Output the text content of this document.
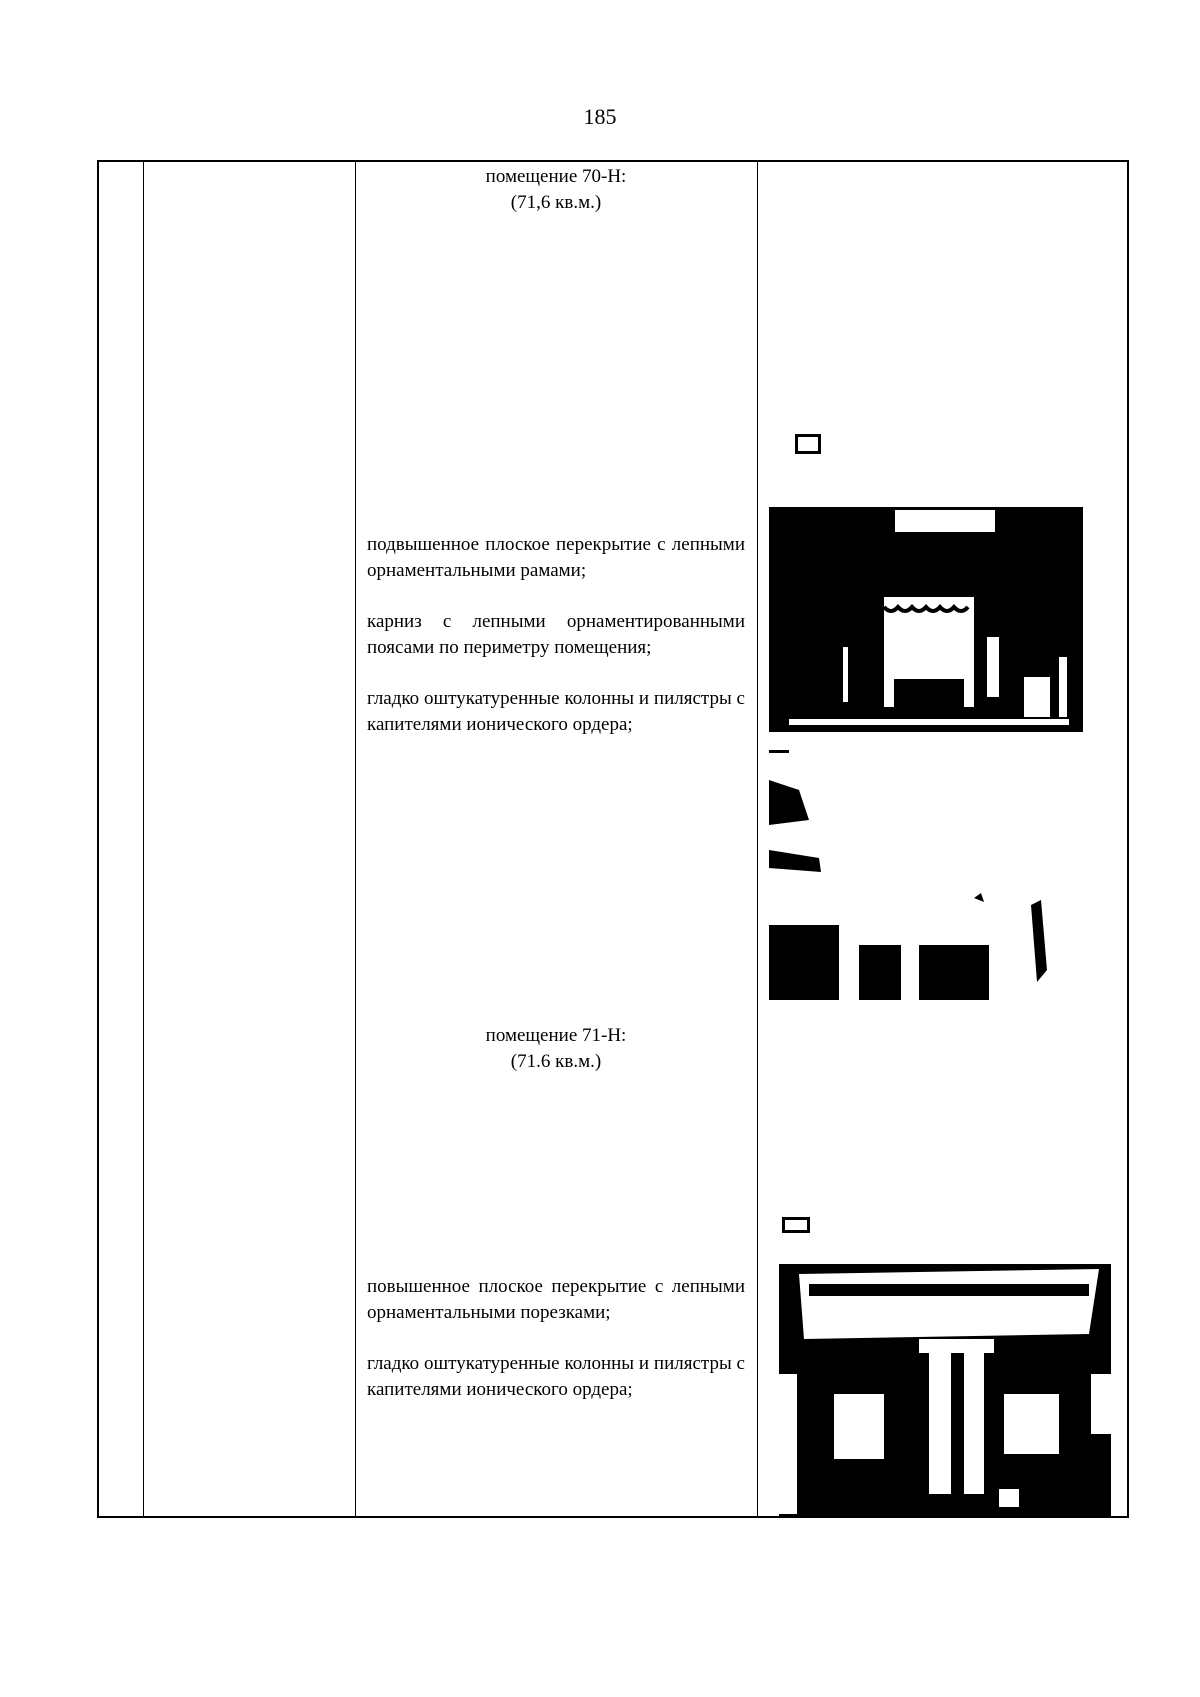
185
помещение 70-Н:
(71,6 кв.м.)

подвышенное плоское перекрытие с лепными орнаментальными рамами;

карниз с лепными орнаментированными поясами по периметру помещения;

гладко оштукатуренные колонны и пилястры с капителями ионического ордера;

помещение 71-Н:
(71.6 кв.м.)

повышенное плоское перекрытие с лепными орнаментальными порезками;

гладко оштукатуренные колонны и пилястры с капителями ионического ордера;
